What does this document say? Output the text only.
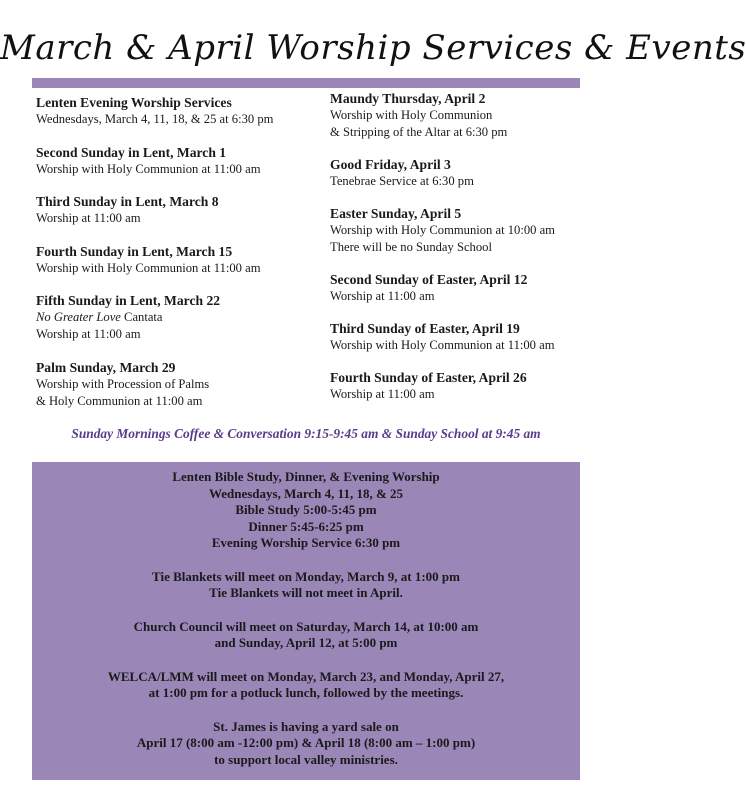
March & April Worship Services & Events
Lenten Evening Worship Services
Wednesdays, March 4, 11, 18, & 25 at 6:30 pm
Second Sunday in Lent, March 1
Worship with Holy Communion at 11:00 am
Third Sunday in Lent, March 8
Worship at 11:00 am
Fourth Sunday in Lent, March 15
Worship with Holy Communion at 11:00 am
Fifth Sunday in Lent, March 22
No Greater Love Cantata
Worship at 11:00 am
Palm Sunday, March 29
Worship with Procession of Palms
& Holy Communion at 11:00 am
Maundy Thursday, April 2
Worship with Holy Communion
& Stripping of the Altar at 6:30 pm
Good Friday, April 3
Tenebrae Service at 6:30 pm
Easter Sunday, April 5
Worship with Holy Communion at 10:00 am
There will be no Sunday School
Second Sunday of Easter, April 12
Worship at 11:00 am
Third Sunday of Easter, April 19
Worship with Holy Communion at 11:00 am
Fourth Sunday of Easter, April 26
Worship at 11:00 am
Sunday Mornings Coffee & Conversation 9:15-9:45 am & Sunday School at 9:45 am
Lenten Bible Study, Dinner, & Evening Worship
Wednesdays, March 4, 11, 18, & 25
Bible Study 5:00-5:45 pm
Dinner 5:45-6:25 pm
Evening Worship Service 6:30 pm
Tie Blankets will meet on Monday, March 9, at 1:00 pm
Tie Blankets will not meet in April.
Church Council will meet on Saturday, March 14, at 10:00 am
and Sunday, April 12, at 5:00 pm
WELCA/LMM will meet on Monday, March 23, and Monday, April 27,
at 1:00 pm for a potluck lunch, followed by the meetings.
St. James is having a yard sale on
April 17 (8:00 am -12:00 pm) & April 18 (8:00 am – 1:00 pm)
to support local valley ministries.
